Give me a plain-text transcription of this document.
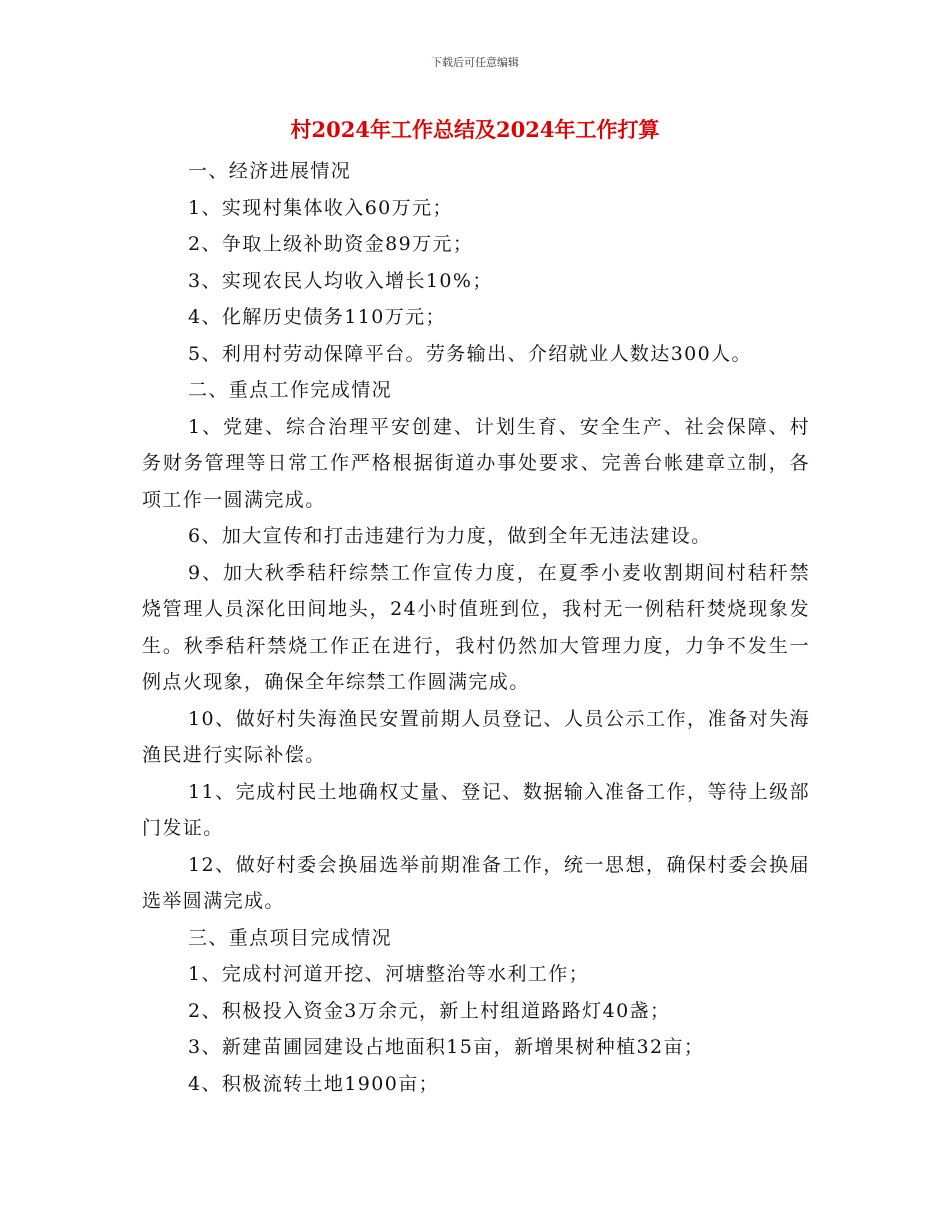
下载后可任意编辑
村2024年工作总结及2024年工作打算

一、经济进展情况

1、实现村集体收入60万元；

2、争取上级补助资金89万元；

3、实现农民人均收入增长10%；

4、化解历史债务110万元；

5、利用村劳动保障平台。劳务输出、介绍就业人数达300人。

二、重点工作完成情况

1、党建、综合治理平安创建、计划生育、安全生产、社会保障、村务财务管理等日常工作严格根据街道办事处要求、完善台帐建章立制，各项工作一圆满完成。

6、加大宣传和打击违建行为力度，做到全年无违法建设。

9、加大秋季秸秆综禁工作宣传力度，在夏季小麦收割期间村秸秆禁烧管理人员深化田间地头，24小时值班到位，我村无一例秸秆焚烧现象发生。秋季秸秆禁烧工作正在进行，我村仍然加大管理力度，力争不发生一例点火现象，确保全年综禁工作圆满完成。

10、做好村失海渔民安置前期人员登记、人员公示工作，准备对失海渔民进行实际补偿。

11、完成村民土地确权丈量、登记、数据输入准备工作，等待上级部门发证。

12、做好村委会换届选举前期准备工作，统一思想，确保村委会换届选举圆满完成。

三、重点项目完成情况

1、完成村河道开挖、河塘整治等水利工作；

2、积极投入资金3万余元，新上村组道路路灯40盏；

3、新建苗圃园建设占地面积15亩，新增果树种植32亩；

4、积极流转土地1900亩；
